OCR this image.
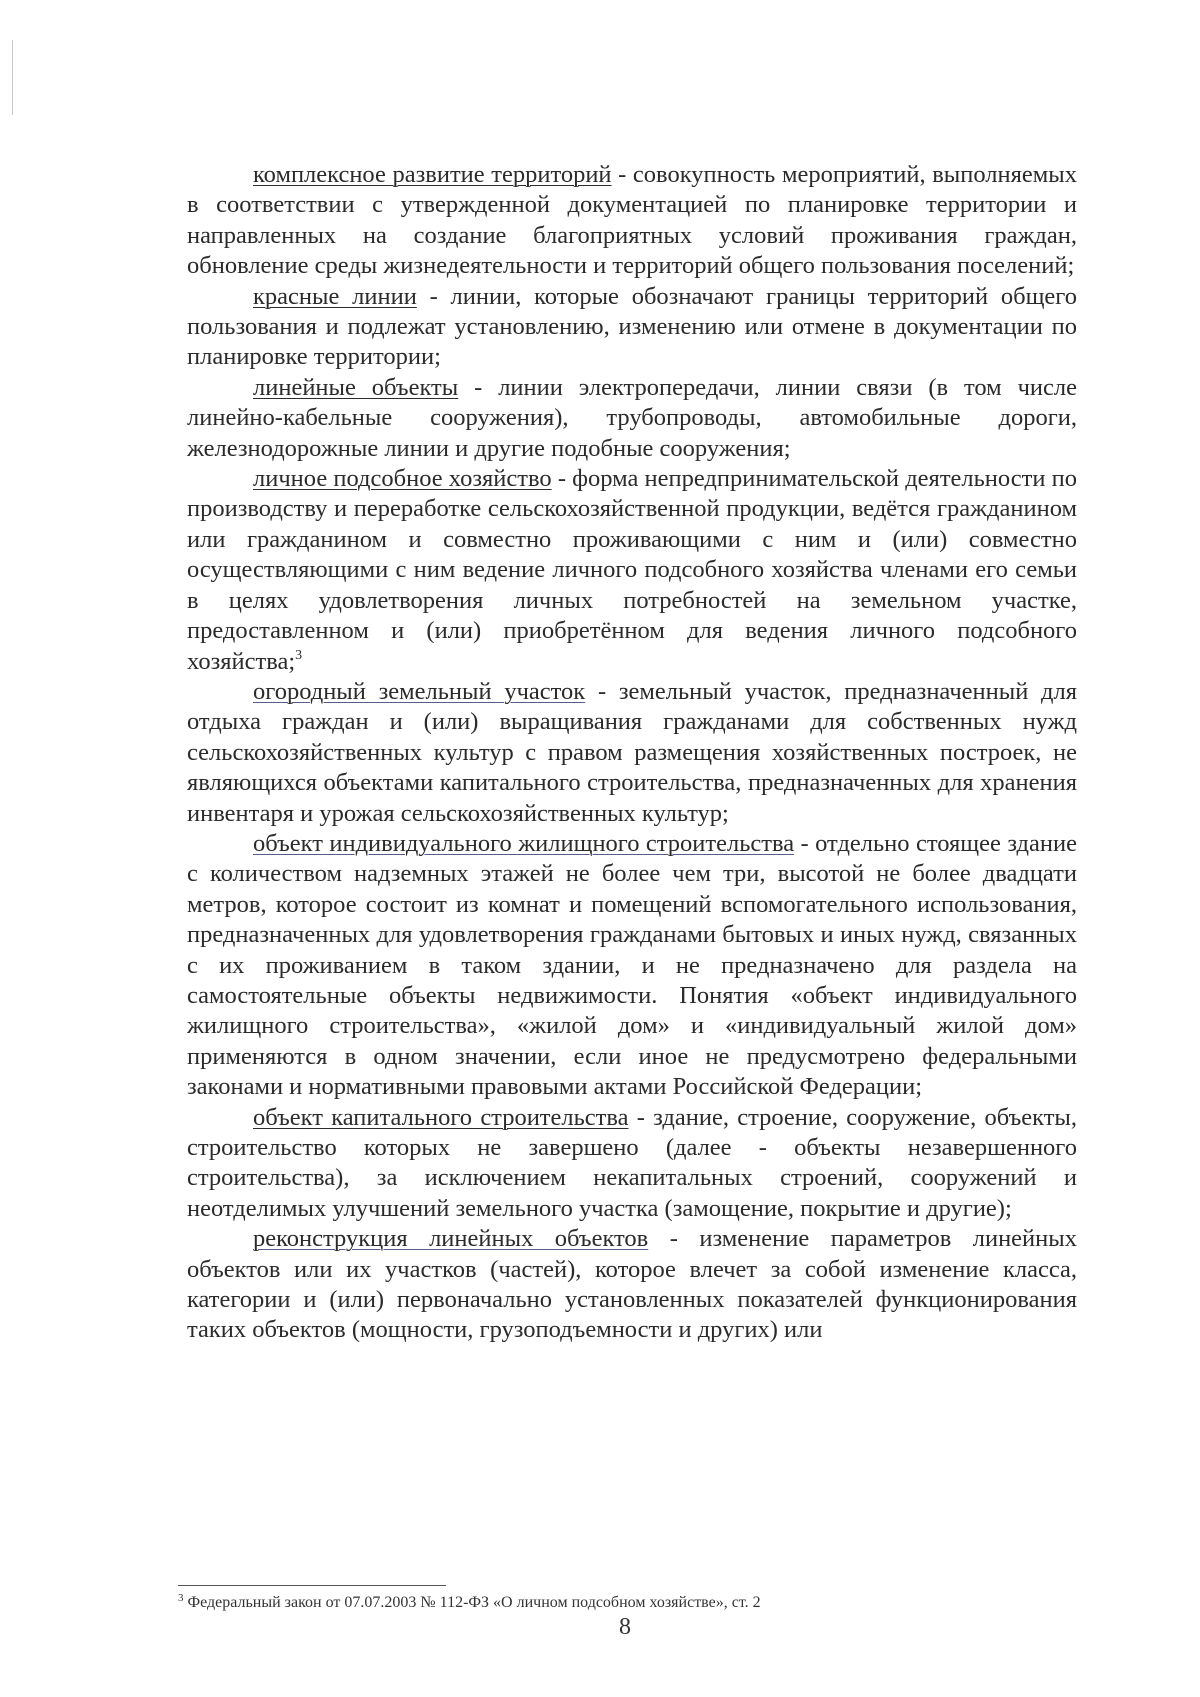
комплексное развитие территорий - совокупность мероприятий, выполняемых в соответствии с утвержденной документацией по планировке территории и направленных на создание благоприятных условий проживания граждан, обновление среды жизнедеятельности и территорий общего пользования поселений;

красные линии - линии, которые обозначают границы территорий общего пользования и подлежат установлению, изменению или отмене в документации по планировке территории;

линейные объекты - линии электропередачи, линии связи (в том числе линейно-кабельные сооружения), трубопроводы, автомобильные дороги, железнодорожные линии и другие подобные сооружения;

личное подсобное хозяйство - форма непредпринимательской деятельности по производству и переработке сельскохозяйственной продукции, ведётся гражданином или гражданином и совместно проживающими с ним и (или) совместно осуществляющими с ним ведение личного подсобного хозяйства членами его семьи в целях удовлетворения личных потребностей на земельном участке, предоставленном и (или) приобретённом для ведения личного подсобного хозяйства;$^3$

огородный земельный участок - земельный участок, предназначенный для отдыха граждан и (или) выращивания гражданами для собственных нужд сельскохозяйственных культур с правом размещения хозяйственных построек, не являющихся объектами капитального строительства, предназначенных для хранения инвентаря и урожая сельскохозяйственных культур;

объект индивидуального жилищного строительства - отдельно стоящее здание с количеством надземных этажей не более чем три, высотой не более двадцати метров, которое состоит из комнат и помещений вспомогательного использования, предназначенных для удовлетворения гражданами бытовых и иных нужд, связанных с их проживанием в таком здании, и не предназначено для раздела на самостоятельные объекты недвижимости. Понятия «объект индивидуального жилищного строительства», «жилой дом» и «индивидуальный жилой дом» применяются в одном значении, если иное не предусмотрено федеральными законами и нормативными правовыми актами Российской Федерации;

объект капитального строительства - здание, строение, сооружение, объекты, строительство которых не завершено (далее - объекты незавершенного строительства), за исключением некапитальных строений, сооружений и неотделимых улучшений земельного участка (замощение, покрытие и другие);

реконструкция линейных объектов - изменение параметров линейных объектов или их участков (частей), которое влечет за собой изменение класса, категории и (или) первоначально установленных показателей функционирования таких объектов (мощности, грузоподъемности и других) или

$^3$ Федеральный закон от 07.07.2003 № 112-ФЗ «О личном подсобном хозяйстве», ст. 2
8
